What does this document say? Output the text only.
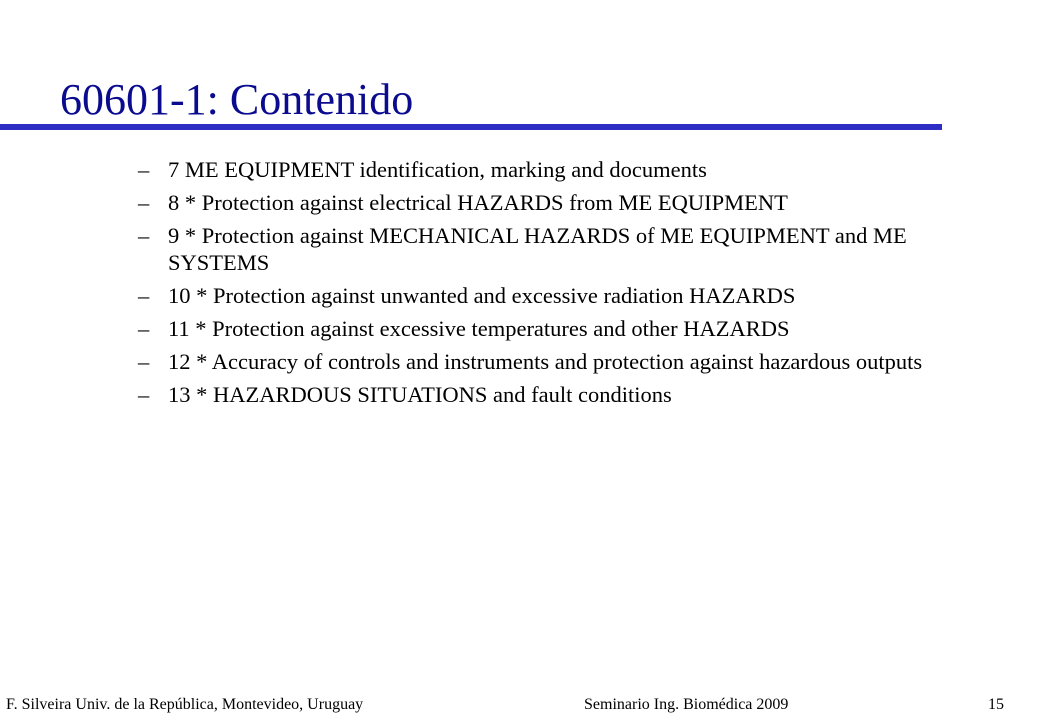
60601-1: Contenido
– 7 ME EQUIPMENT identification, marking and documents
– 8 * Protection against electrical HAZARDS from ME EQUIPMENT
– 9 * Protection against MECHANICAL HAZARDS of ME EQUIPMENT and ME SYSTEMS
– 10 * Protection against unwanted and excessive radiation HAZARDS
– 11 * Protection against excessive temperatures and other HAZARDS
– 12 * Accuracy of controls and instruments and protection against hazardous outputs
– 13 * HAZARDOUS SITUATIONS and fault conditions
F. Silveira Univ. de la República, Montevideo, Uruguay	Seminario Ing. Biomédica 2009	15
